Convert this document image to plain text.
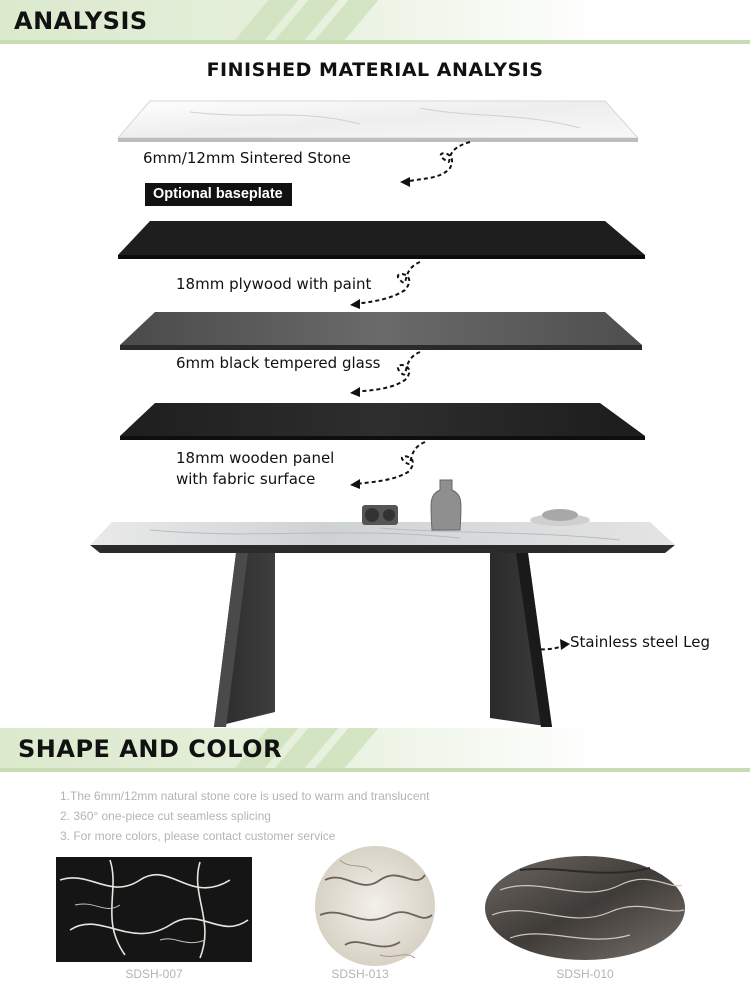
ANALYSIS
FINISHED MATERIAL ANALYSIS
6mm/12mm Sintered Stone
Optional baseplate
18mm plywood with paint
6mm black tempered glass
18mm wooden panel
with fabric surface
Stainless steel Leg
SHAPE AND COLOR
1.The 6mm/12mm natural stone core is used to warm and translucent
2. 360° one-piece cut seamless splicing
3. For more colors, please contact customer service
SDSH-007	SDSH-013	SDSH-010
